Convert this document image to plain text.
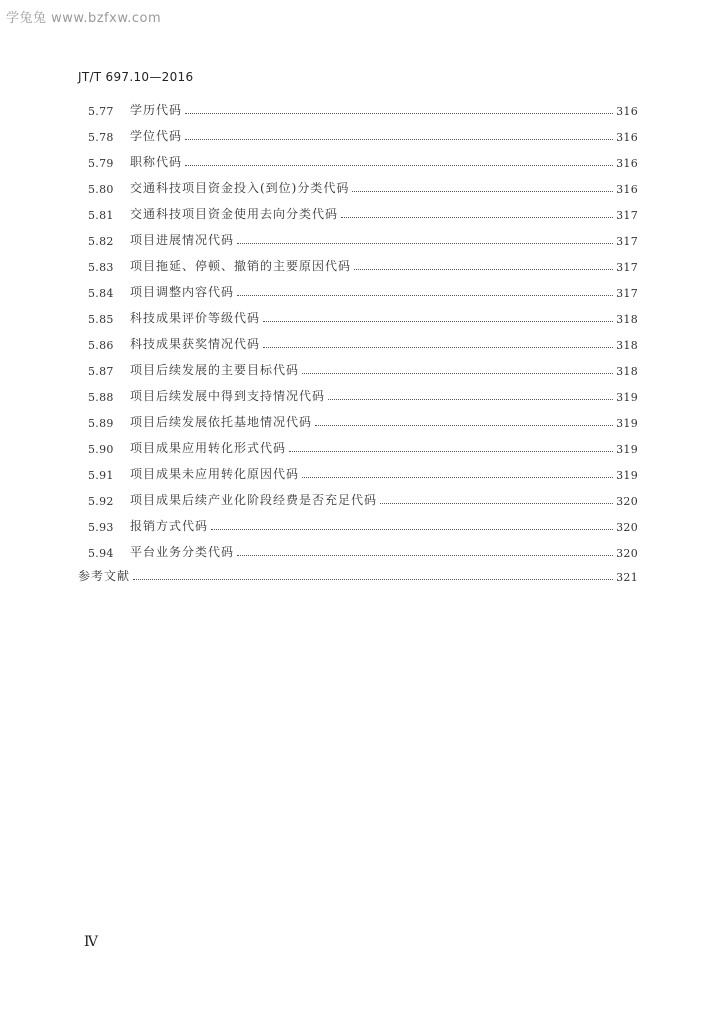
学兔兔 www.bzfxw.com
JT/T 697.10—2016
5.77	学历代码	316
5.78	学位代码	316
5.79	职称代码	316
5.80	交通科技项目资金投入(到位)分类代码	316
5.81	交通科技项目资金使用去向分类代码	317
5.82	项目进展情况代码	317
5.83	项目拖延、停顿、撤销的主要原因代码	317
5.84	项目调整内容代码	317
5.85	科技成果评价等级代码	318
5.86	科技成果获奖情况代码	318
5.87	项目后续发展的主要目标代码	318
5.88	项目后续发展中得到支持情况代码	319
5.89	项目后续发展依托基地情况代码	319
5.90	项目成果应用转化形式代码	319
5.91	项目成果未应用转化原因代码	319
5.92	项目成果后续产业化阶段经费是否充足代码	320
5.93	报销方式代码	320
5.94	平台业务分类代码	320
参考文献	321
Ⅳ
